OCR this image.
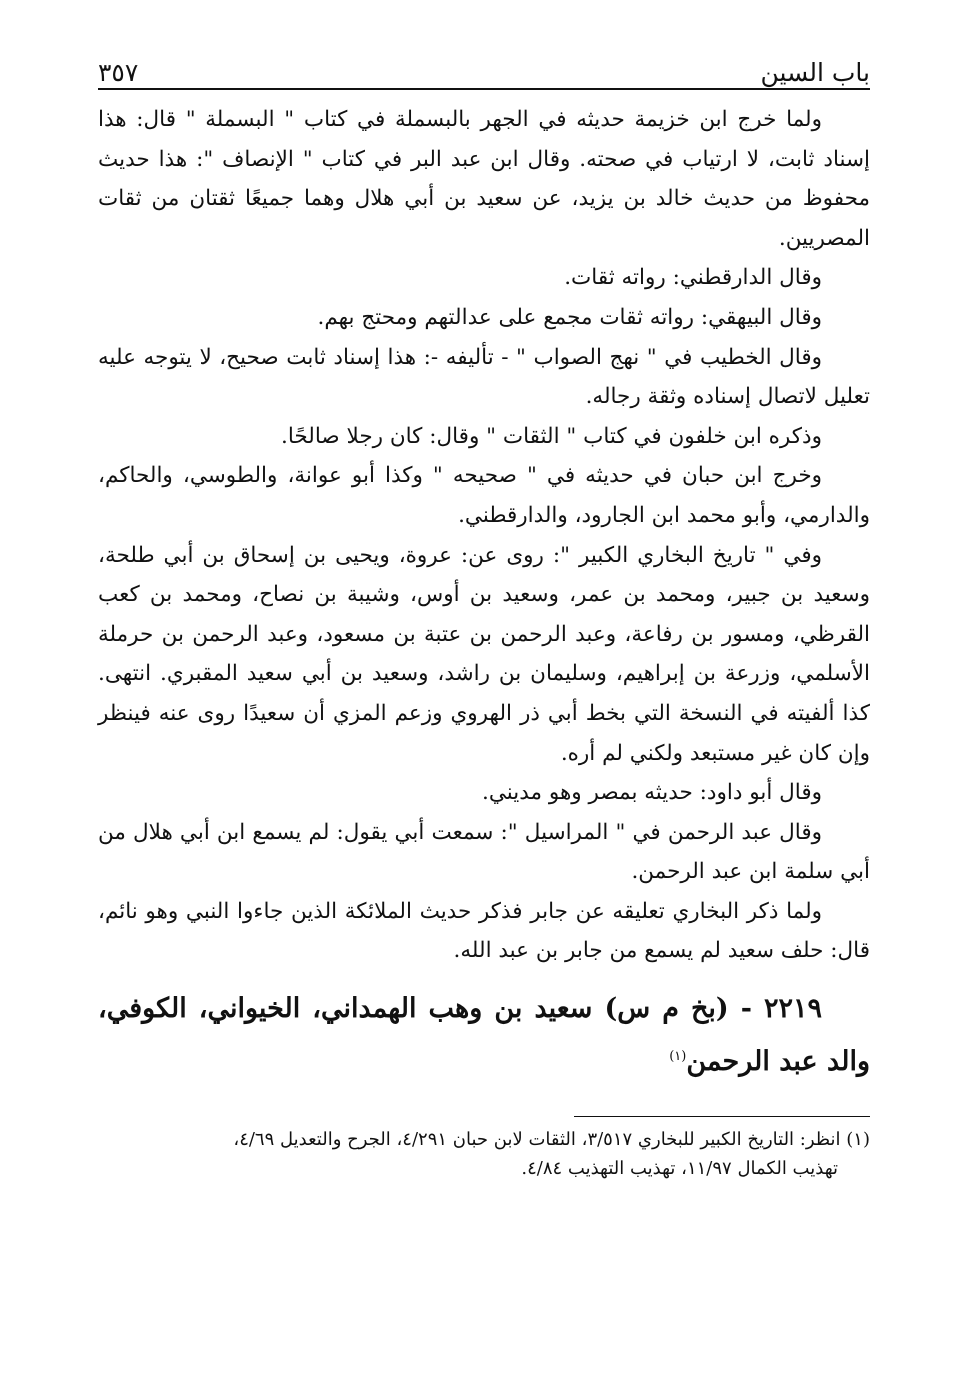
باب السين
٣٥٧

ولما خرج ابن خزيمة حديثه في الجهر بالبسملة في كتاب " البسملة " قال: هذا إسناد ثابت، لا ارتياب في صحته. وقال ابن عبد البر في كتاب " الإنصاف ": هذا حديث محفوظ من حديث خالد بن يزيد، عن سعيد بن أبي هلال وهما جميعًا ثقتان من ثقات المصريين.

وقال الدارقطني: رواته ثقات.

وقال البيهقي: رواته ثقات مجمع على عدالتهم ومحتج بهم.

وقال الخطيب في " نهج الصواب " - تأليفه -: هذا إسناد ثابت صحيح، لا يتوجه عليه تعليل لاتصال إسناده وثقة رجاله.

وذكره ابن خلفون في كتاب " الثقات " وقال: كان رجلا صالحًا.

وخرج ابن حبان في حديثه في " صحيحه " وكذا أبو عوانة، والطوسي، والحاكم، والدارمي، وأبو محمد ابن الجارود، والدارقطني.

وفي " تاريخ البخاري الكبير ": روى عن: عروة، ويحيى بن إسحاق بن أبي طلحة، وسعيد بن جبير، ومحمد بن عمر، وسعيد بن أوس، وشيبة بن نصاح، ومحمد بن كعب القرظي، ومسور بن رفاعة، وعبد الرحمن بن عتبة بن مسعود، وعبد الرحمن بن حرملة الأسلمي، وزرعة بن إبراهيم، وسليمان بن راشد، وسعيد بن أبي سعيد المقبري. انتهى. كذا ألفيته في النسخة التي بخط أبي ذر الهروي وزعم المزي أن سعيدًا روى عنه فينظر وإن كان غير مستبعد ولكني لم أره.

وقال أبو داود: حديثه بمصر وهو مديني.

وقال عبد الرحمن في " المراسيل ": سمعت أبي يقول: لم يسمع ابن أبي هلال من أبي سلمة ابن عبد الرحمن.

ولما ذكر البخاري تعليقه عن جابر فذكر حديث الملائكة الذين جاءوا النبي وهو نائم، قال: حلف سعيد لم يسمع من جابر بن عبد الله.

٢٢١٩ - (بخ م س) سعيد بن وهب الهمداني، الخيواني، الكوفي، والد عبد الرحمن$^{(١)}$

(١) انظر: التاريخ الكبير للبخاري ٣/٥١٧، الثقات لابن حبان ٤/٢٩١، الجرح والتعديل ٤/٦٩،

تهذيب الكمال ١١/٩٧، تهذيب التهذيب ٤/٨٤.
